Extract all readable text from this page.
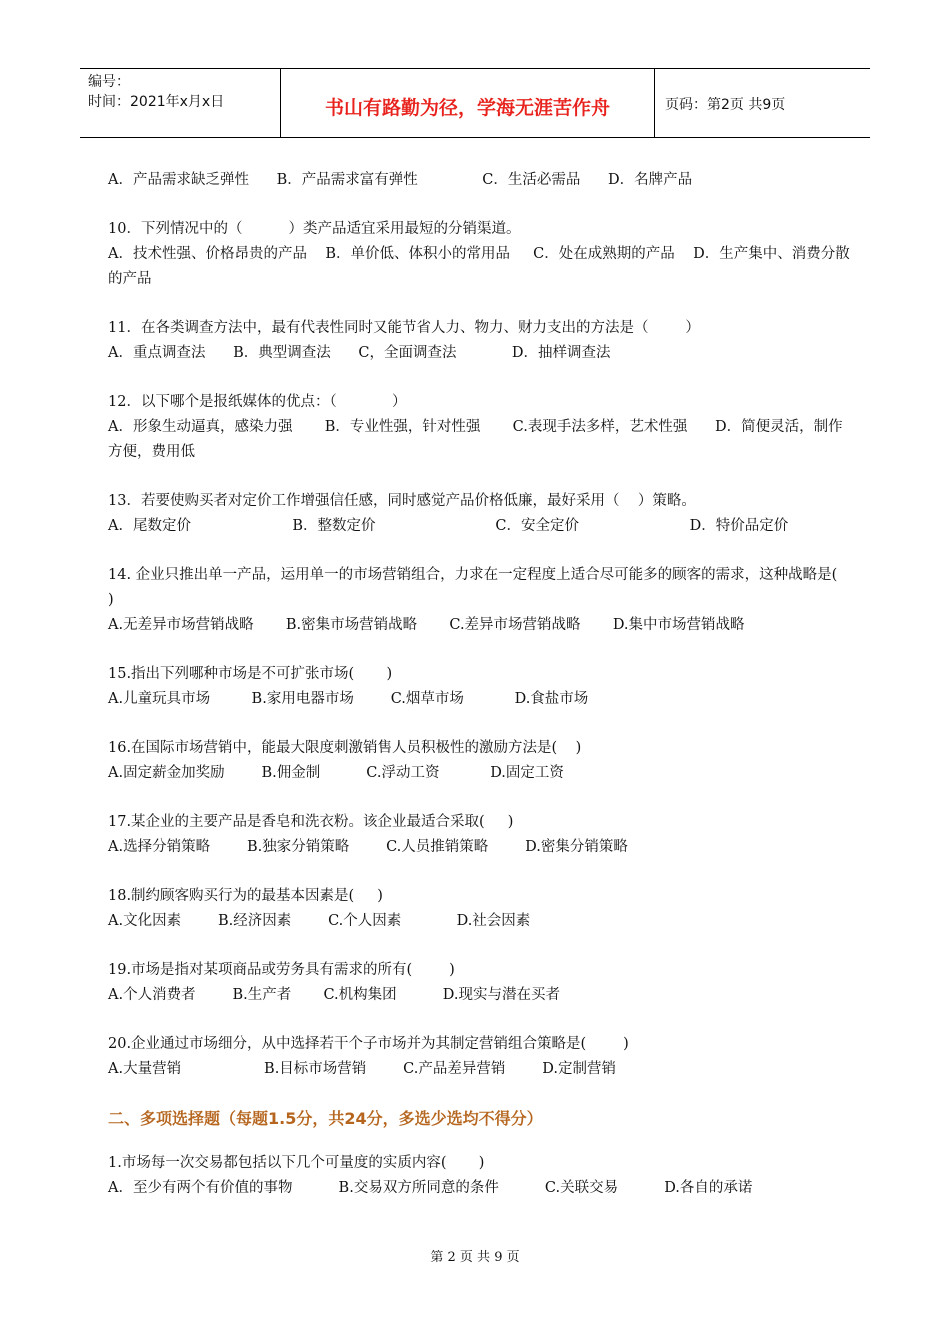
编号：
时间：2021年x月x日	书山有路勤为径，学海无涯苦作舟	页码：第2页 共9页
A．产品需求缺乏弹性      B．产品需求富有弹性              C．生活必需品      D．名牌产品
10．下列情况中的（          ）类产品适宜采用最短的分销渠道。
A．技术性强、价格昂贵的产品    B．单价低、体积小的常用品     C．处在成熟期的产品    D．生产集中、消费分散的产品
11．在各类调查方法中，最有代表性同时又能节省人力、物力、财力支出的方法是（        ）
A．重点调查法      B．典型调查法      C，全面调查法            D．抽样调查法
12．以下哪个是报纸媒体的优点：（            ）
A．形象生动逼真，感染力强       B．专业性强，针对性强       C.表现手法多样，艺术性强      D．简便灵活，制作方便，费用低
13．若要使购买者对定价工作增强信任感，同时感觉产品价格低廉，最好采用（    ）策略。
A．尾数定价                      B．整数定价                          C．安全定价                        D．特价品定价
14. 企业只推出单一产品，运用单一的市场营销组合，力求在一定程度上适合尽可能多的顾客的需求，这种战略是(     )
A.无差异市场营销战略       B.密集市场营销战略       C.差异市场营销战略       D.集中市场营销战略
15.指出下列哪种市场是不可扩张市场(       )
A.儿童玩具市场         B.家用电器市场        C.烟草市场           D.食盐市场
16.在国际市场营销中，能最大限度刺激销售人员积极性的激励方法是(    )
A.固定薪金加奖励        B.佣金制          C.浮动工资           D.固定工资
17.某企业的主要产品是香皂和洗衣粉。该企业最适合采取(     )
A.选择分销策略        B.独家分销策略        C.人员推销策略        D.密集分销策略
18.制约顾客购买行为的最基本因素是(     )
A.文化因素        B.经济因素        C.个人因素            D.社会因素
19.市场是指对某项商品或劳务具有需求的所有(        )
A.个人消费者        B.生产者       C.机构集团          D.现实与潜在买者
20.企业通过市场细分，从中选择若干个子市场并为其制定营销组合策略是(        )
A.大量营销                  B.目标市场营销        C.产品差异营销        D.定制营销
二、多项选择题（每题1.5分，共24分，多选少选均不得分）
1.市场每一次交易都包括以下几个可量度的实质内容(       )
A．至少有两个有价值的事物          B.交易双方所同意的条件          C.关联交易          D.各自的承诺
第 2 页 共 9 页
